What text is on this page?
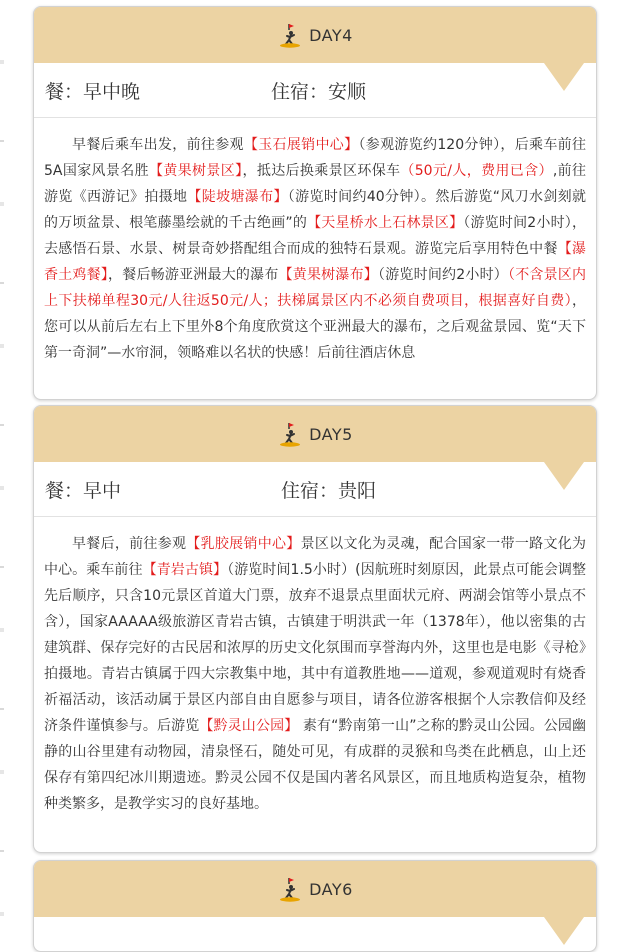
DAY4
餐：早中晚	住宿：安顺
早餐后乘车出发，前往参观【玉石展销中心】（参观游览约120分钟），后乘车前往5A国家风景名胜【黄果树景区】，抵达后换乘景区环保车（50元/人，费用已含）,前往游览《西游记》拍摄地【陡坡塘瀑布】（游览时间约40分钟）。然后游览“风刀水剑刻就的万顷盆景、根笔藤墨绘就的千古绝画”的【天星桥水上石林景区】（游览时间2小时），去感悟石景、水景、树景奇妙搭配组合而成的独特石景观。游览完后享用特色中餐【瀑香土鸡餐】，餐后畅游亚洲最大的瀑布【黄果树瀑布】（游览时间约2小时）（不含景区内上下扶梯单程30元/人往返50元/人；扶梯属景区内不必须自费项目，根据喜好自费），您可以从前后左右上下里外8个角度欣赏这个亚洲最大的瀑布，之后观盆景园、览“天下第一奇洞”—水帘洞，领略难以名状的快感！后前往酒店休息
DAY5
餐：早中	住宿：贵阳
早餐后，前往参观【乳胶展销中心】景区以文化为灵魂，配合国家一带一路文化为中心。乘车前往【青岩古镇】（游览时间1.5小时）(因航班时刻原因，此景点可能会调整先后顺序，只含10元景区首道大门票，放弃不退景点里面状元府、两湖会馆等小景点不含），国家AAAAA级旅游区青岩古镇，古镇建于明洪武一年（1378年），他以密集的古建筑群、保存完好的古民居和浓厚的历史文化氛围而享誉海内外，这里也是电影《寻枪》拍摄地。青岩古镇属于四大宗教集中地，其中有道教胜地——道观，参观道观时有烧香祈福活动，该活动属于景区内部自由自愿参与项目，请各位游客根据个人宗教信仰及经济条件谨慎参与。后游览【黔灵山公园】 素有“黔南第一山”之称的黔灵山公园。公园幽静的山谷里建有动物园，清泉怪石，随处可见，有成群的灵猴和鸟类在此栖息，山上还保存有第四纪冰川期遗迹。黔灵公园不仅是国内著名风景区，而且地质构造复杂，植物种类繁多，是教学实习的良好基地。
DAY6
